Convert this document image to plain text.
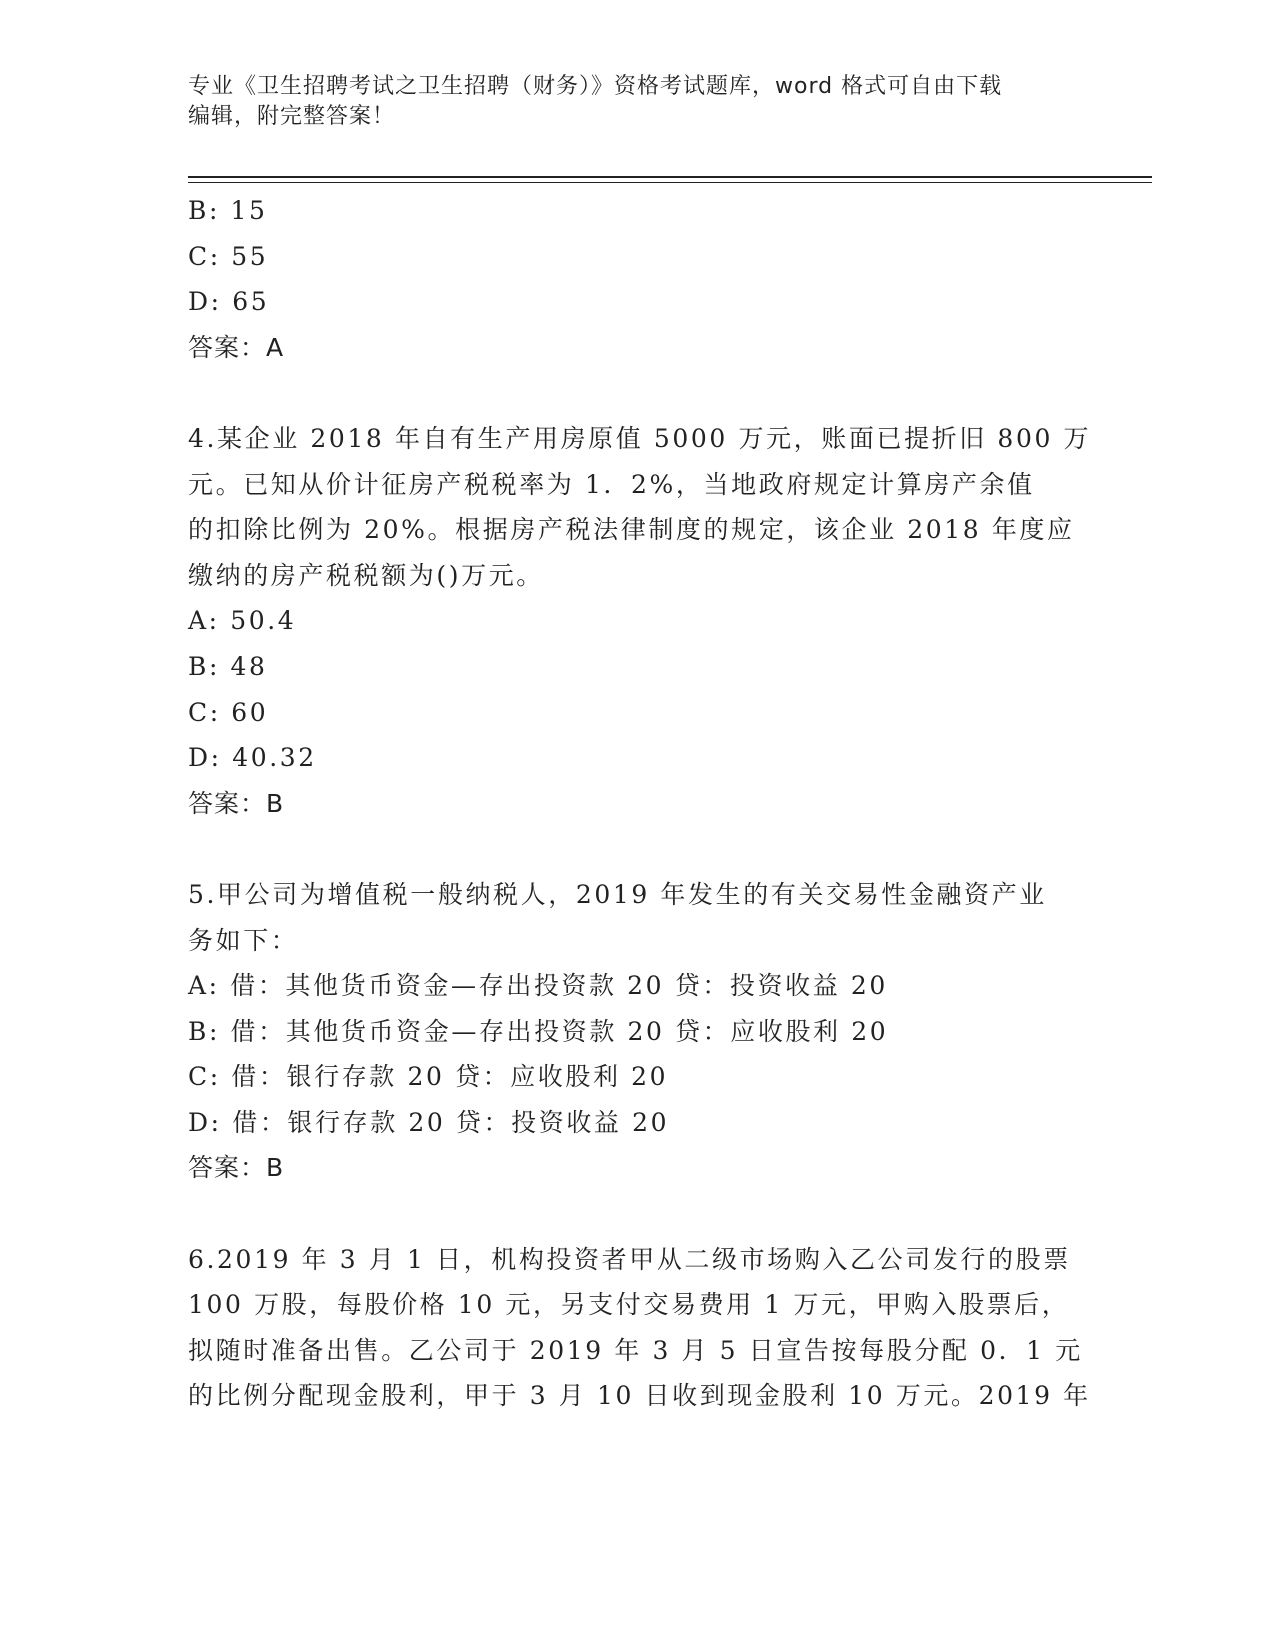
专业《卫生招聘考试之卫生招聘（财务）》资格考试题库，word 格式可自由下载
编辑，附完整答案！
B: 15
C: 55
D: 65
答案：A
4.某企业 2018 年自有生产用房原值 5000 万元，账面已提折旧 800 万
元。已知从价计征房产税税率为 1．2%，当地政府规定计算房产余值
的扣除比例为 20%。根据房产税法律制度的规定，该企业 2018 年度应
缴纳的房产税税额为()万元。
A: 50.4
B: 48
C: 60
D: 40.32
答案：B
5.甲公司为增值税一般纳税人，2019 年发生的有关交易性金融资产业
务如下：
A: 借：其他货币资金—存出投资款 20 贷：投资收益 20
B: 借：其他货币资金—存出投资款 20 贷：应收股利 20
C: 借：银行存款 20 贷：应收股利 20
D: 借：银行存款 20 贷：投资收益 20
答案：B
6.2019 年 3 月 1 日，机构投资者甲从二级市场购入乙公司发行的股票
100 万股，每股价格 10 元，另支付交易费用 1 万元，甲购入股票后，
拟随时准备出售。乙公司于 2019 年 3 月 5 日宣告按每股分配 0．1 元
的比例分配现金股利，甲于 3 月 10 日收到现金股利 10 万元。2019 年
